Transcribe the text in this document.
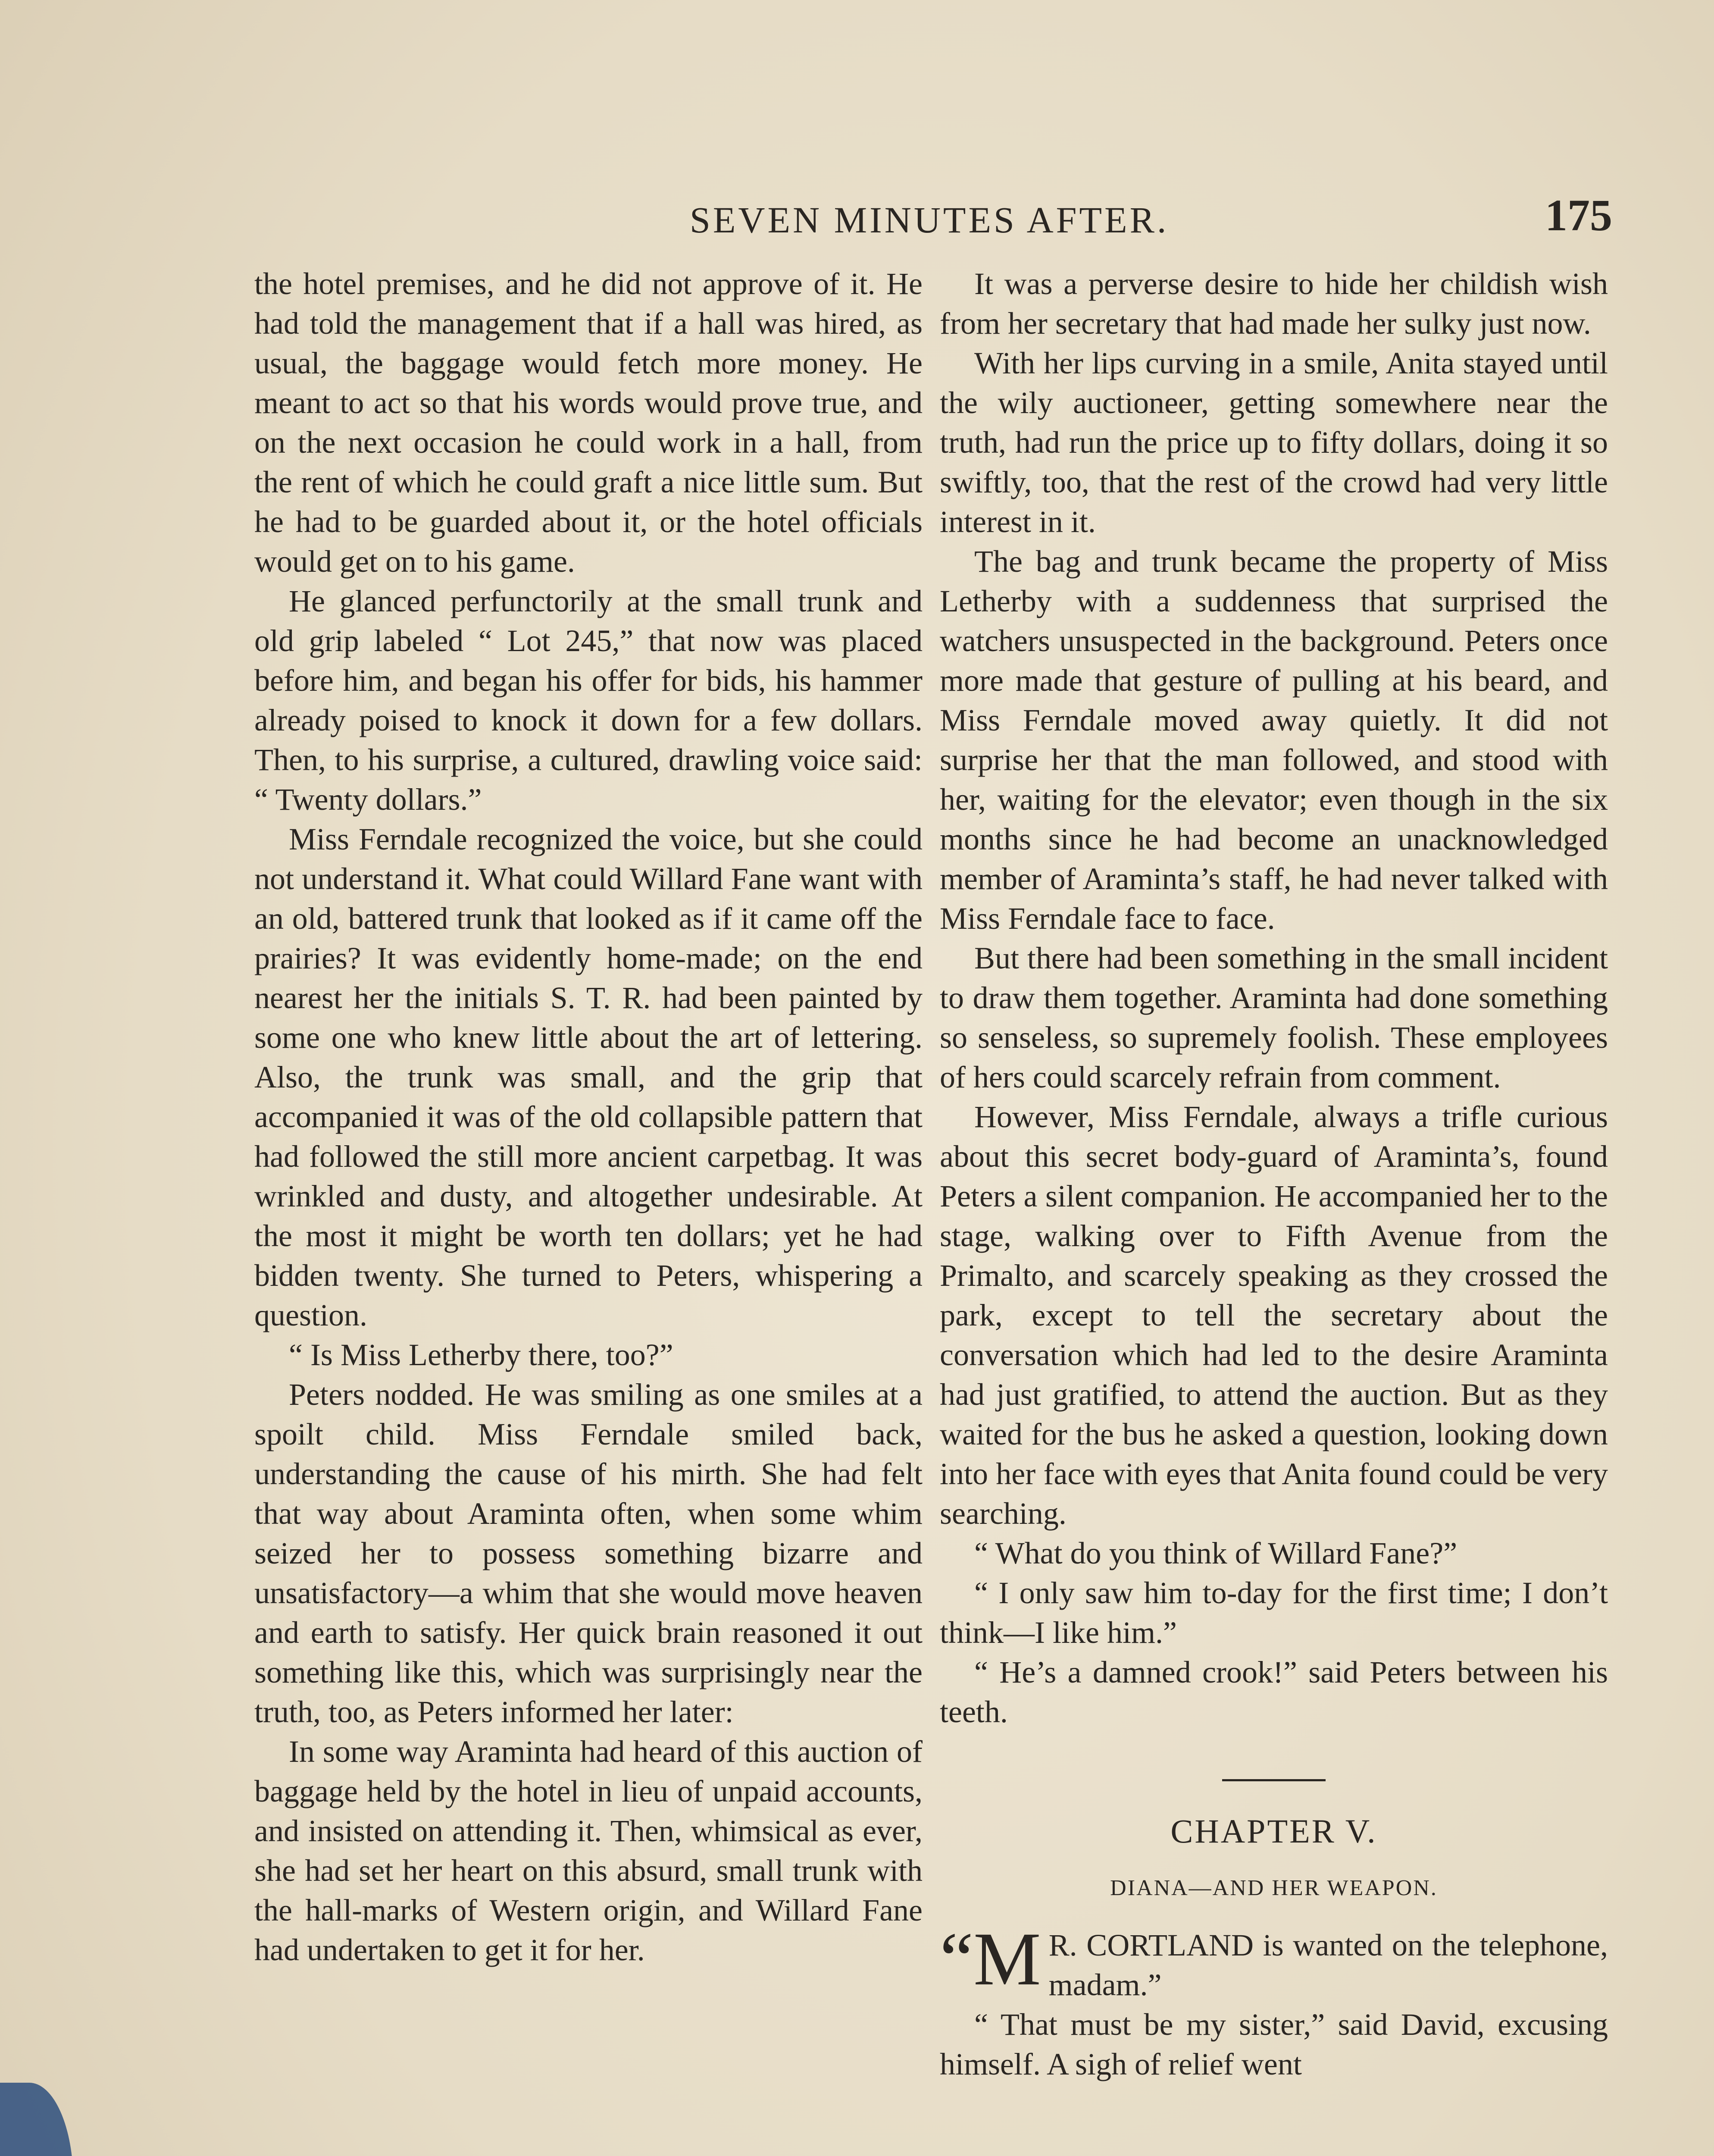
SEVEN MINUTES AFTER.	175

the hotel premises, and he did not approve of it. He had told the management that if a hall was hired, as usual, the baggage would fetch more money. He meant to act so that his words would prove true, and on the next occasion he could work in a hall, from the rent of which he could graft a nice little sum. But he had to be guarded about it, or the hotel officials would get on to his game.

He glanced perfunctorily at the small trunk and old grip labeled “ Lot 245,” that now was placed before him, and began his offer for bids, his hammer already poised to knock it down for a few dollars. Then, to his surprise, a cultured, drawling voice said: “ Twenty dollars.”

Miss Ferndale recognized the voice, but she could not understand it. What could Willard Fane want with an old, battered trunk that looked as if it came off the prairies? It was evidently home-made; on the end nearest her the initials S. T. R. had been painted by some one who knew little about the art of lettering. Also, the trunk was small, and the grip that accompanied it was of the old collapsible pattern that had followed the still more ancient carpetbag. It was wrinkled and dusty, and altogether undesirable. At the most it might be worth ten dollars; yet he had bidden twenty. She turned to Peters, whispering a question.

“ Is Miss Letherby there, too?”

Peters nodded. He was smiling as one smiles at a spoilt child. Miss Ferndale smiled back, understanding the cause of his mirth. She had felt that way about Araminta often, when some whim seized her to possess something bizarre and unsatisfactory—a whim that she would move heaven and earth to satisfy. Her quick brain reasoned it out something like this, which was surprisingly near the truth, too, as Peters informed her later:

In some way Araminta had heard of this auction of baggage held by the hotel in lieu of unpaid accounts, and insisted on attending it. Then, whimsical as ever, she had set her heart on this absurd, small trunk with the hall-marks of Western origin, and Willard Fane had undertaken to get it for her.

It was a perverse desire to hide her childish wish from her secretary that had made her sulky just now.

With her lips curving in a smile, Anita stayed until the wily auctioneer, getting somewhere near the truth, had run the price up to fifty dollars, doing it so swiftly, too, that the rest of the crowd had very little interest in it.

The bag and trunk became the property of Miss Letherby with a suddenness that surprised the watchers unsuspected in the background. Peters once more made that gesture of pulling at his beard, and Miss Ferndale moved away quietly. It did not surprise her that the man followed, and stood with her, waiting for the elevator; even though in the six months since he had become an unacknowledged member of Araminta’s staff, he had never talked with Miss Ferndale face to face.

But there had been something in the small incident to draw them together. Araminta had done something so senseless, so supremely foolish. These employees of hers could scarcely refrain from comment.

However, Miss Ferndale, always a trifle curious about this secret body-guard of Araminta’s, found Peters a silent companion. He accompanied her to the stage, walking over to Fifth Avenue from the Primalto, and scarcely speaking as they crossed the park, except to tell the secretary about the conversation which had led to the desire Araminta had just gratified, to attend the auction. But as they waited for the bus he asked a question, looking down into her face with eyes that Anita found could be very searching.

“ What do you think of Willard Fane?”

“ I only saw him to-day for the first time; I don’t think—I like him.”

“ He’s a damned crook!” said Peters between his teeth.

CHAPTER V.
DIANA—AND HER WEAPON.

“M R. CORTLAND is wanted on the telephone, madam.”

“ That must be my sister,” said David, excusing himself. A sigh of relief went
